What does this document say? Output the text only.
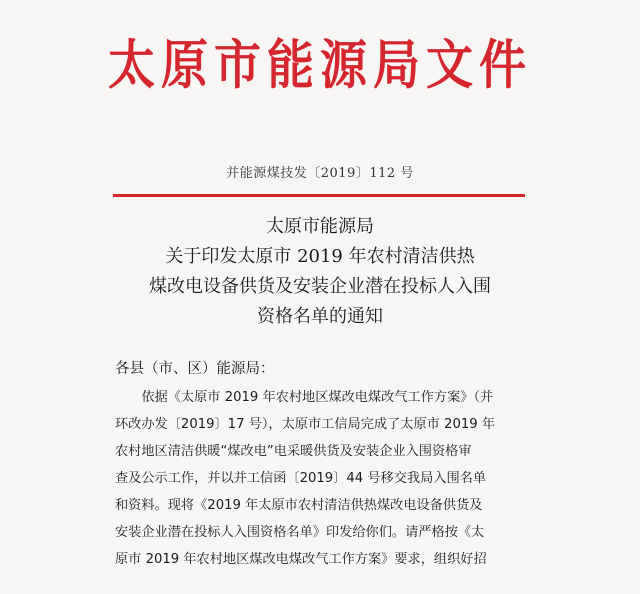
太原市能源局文件
并能源煤技发〔2019〕112 号
太原市能源局
关于印发太原市 2019 年农村清洁供热
煤改电设备供货及安装企业潜在投标人入围
资格名单的通知
各县（市、区）能源局：
　　依据《太原市 2019 年农村地区煤改电煤改气工作方案》（并
环改办发〔2019〕17 号），太原市工信局完成了太原市 2019 年
农村地区清洁供暖“煤改电”电采暖供货及安装企业入围资格审
查及公示工作，并以并工信函〔2019〕44 号移交我局入围名单
和资料。现将《2019 年太原市农村清洁供热煤改电设备供货及
安装企业潜在投标人入围资格名单》印发给你们。请严格按《太
原市 2019 年农村地区煤改电煤改气工作方案》要求，组织好招
